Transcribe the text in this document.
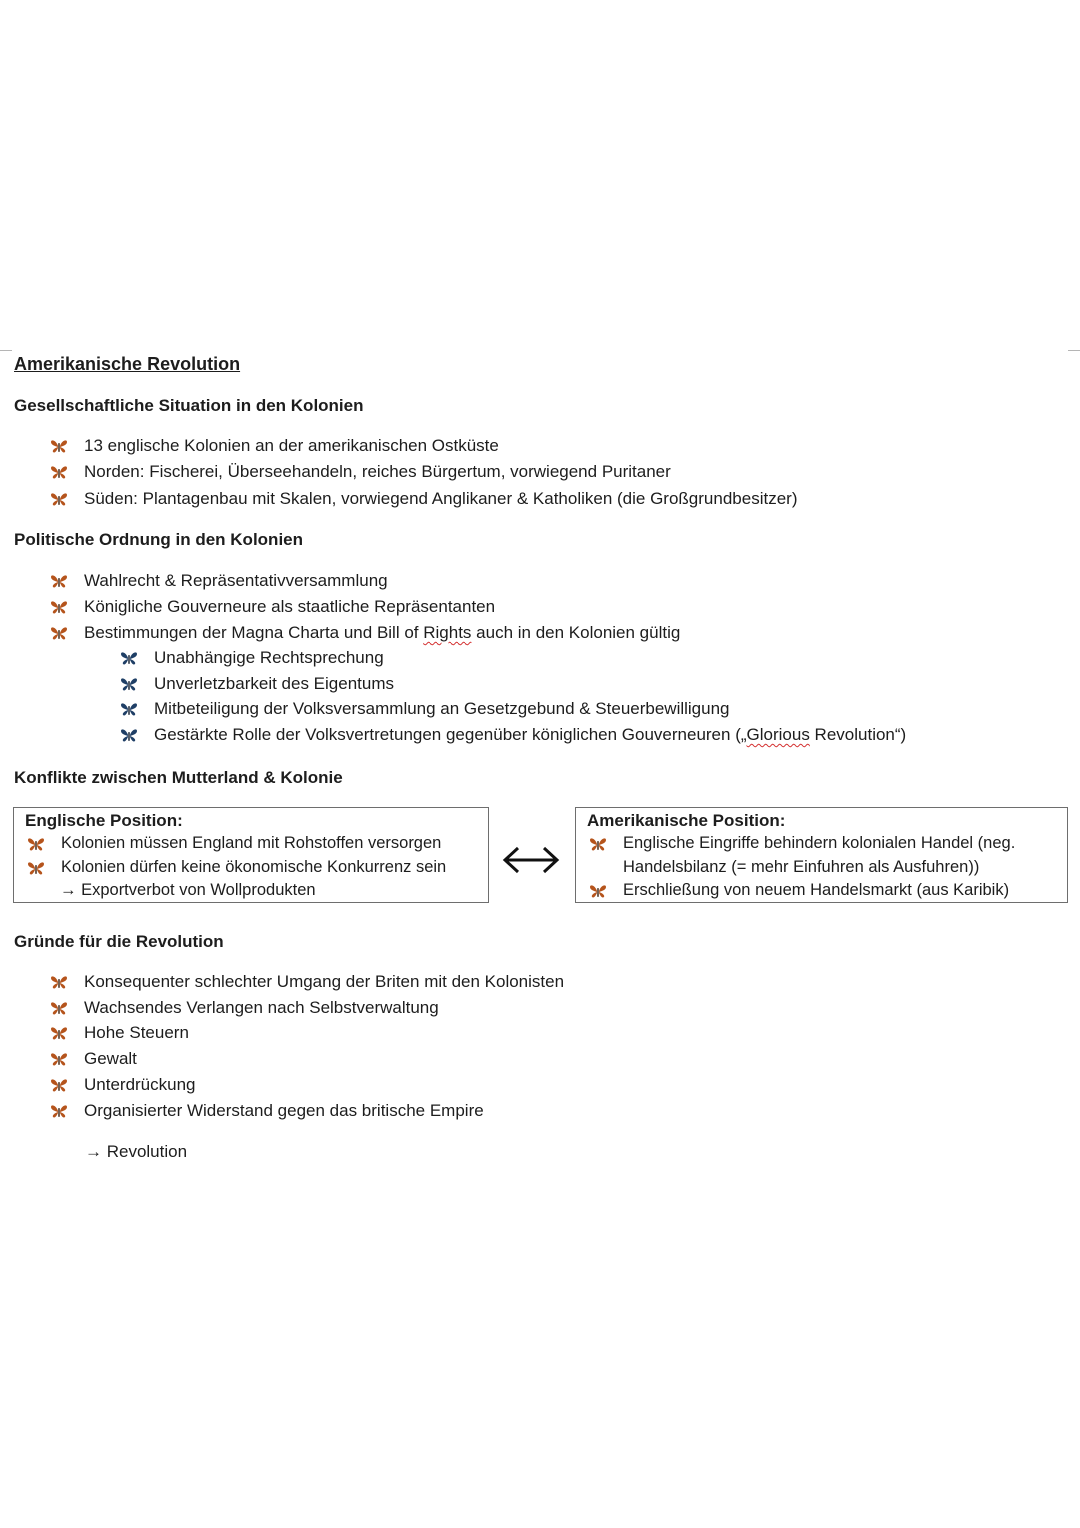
Amerikanische Revolution
Gesellschaftliche Situation in den Kolonien
13 englische Kolonien an der amerikanischen Ostküste
Norden: Fischerei, Überseehandeln, reiches Bürgertum, vorwiegend Puritaner
Süden: Plantagenbau mit Skalen, vorwiegend Anglikaner & Katholiken (die Großgrundbesitzer)
Politische Ordnung in den Kolonien
Wahlrecht & Repräsentativversammlung
Königliche Gouverneure als staatliche Repräsentanten
Bestimmungen der Magna Charta und Bill of Rights auch in den Kolonien gültig
Unabhängige Rechtsprechung
Unverletzbarkeit des Eigentums
Mitbeteiligung der Volksversammlung an Gesetzgebund & Steuerbewilligung
Gestärkte Rolle der Volksvertretungen gegenüber königlichen Gouverneuren („Glorious Revolution“)
Konflikte zwischen Mutterland & Kolonie
Englische Position:
Kolonien müssen England mit Rohstoffen versorgen
Kolonien dürfen keine ökonomische Konkurrenz sein
→ Exportverbot von Wollprodukten
Amerikanische Position:
Englische Eingriffe behindern kolonialen Handel (neg.
Handelsbilanz (= mehr Einfuhren als Ausfuhren))
Erschließung von neuem Handelsmarkt (aus Karibik)
Gründe für die Revolution
Konsequenter schlechter Umgang der Briten mit den Kolonisten
Wachsendes Verlangen nach Selbstverwaltung
Hohe Steuern
Gewalt
Unterdrückung
Organisierter Widerstand gegen das britische Empire
→ Revolution
